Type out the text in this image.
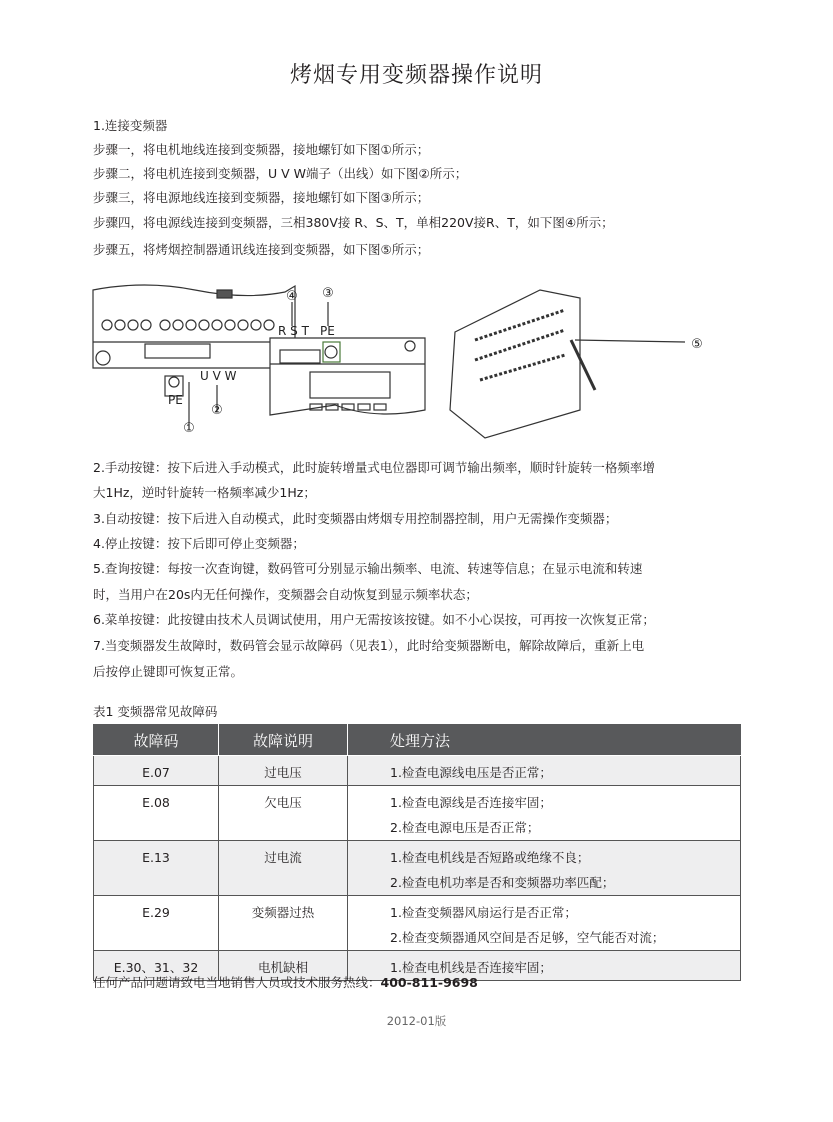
烤烟专用变频器操作说明
1.连接变频器
步骤一，将电机地线连接到变频器，接地螺钉如下图①所示；
步骤二，将电机连接到变频器，U V W端子（出线）如下图②所示；
步骤三，将电源地线连接到变频器，接地螺钉如下图③所示；
步骤四，将电源线连接到变频器，三相380V接 R、S、T，单相220V接R、T，如下图④所示；
步骤五，将烤烟控制器通讯线连接到变频器，如下图⑤所示；
①
②
PE
U V W
④ ③
R S T PE
⑤
2.手动按键：按下后进入手动模式，此时旋转增量式电位器即可调节输出频率，顺时针旋转一格频率增
大1Hz，逆时针旋转一格频率减少1Hz；
3.自动按键：按下后进入自动模式，此时变频器由烤烟专用控制器控制，用户无需操作变频器；
4.停止按键：按下后即可停止变频器；
5.查询按键：每按一次查询键，数码管可分别显示输出频率、电流、转速等信息；在显示电流和转速
时，当用户在20s内无任何操作，变频器会自动恢复到显示频率状态；
6.菜单按键：此按键由技术人员调试使用，用户无需按该按键。如不小心误按，可再按一次恢复正常；
7.当变频器发生故障时，数码管会显示故障码（见表1），此时给变频器断电，解除故障后，重新上电
后按停止键即可恢复正常。
表1 变频器常见故障码
故障码	故障说明	处理方法
E.07	过电压	1.检查电源线电压是否正常；

E.08	欠电压	1.检查电源线是否连接牢固；
2.检查电源电压是否正常；

E.13	过电流	1.检查电机线是否短路或绝缘不良；
2.检查电机功率是否和变频器功率匹配；

E.29	变频器过热	1.检查变频器风扇运行是否正常；
2.检查变频器通风空间是否足够，空气能否对流；

E.30、31、32	电机缺相	1.检查电机线是否连接牢固；
任何产品问题请致电当地销售人员或技术服务热线：400-811-9698
2012-01版
